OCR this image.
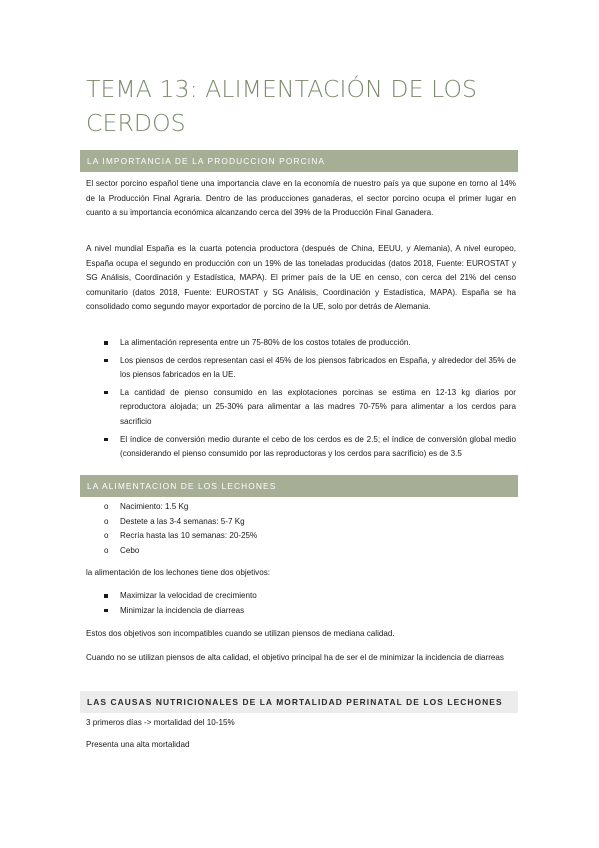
TEMA 13: ALIMENTACIÓN DE LOS CERDOS
LA IMPORTANCIA DE LA PRODUCCION PORCINA

El sector porcino español tiene una importancia clave en la economía de nuestro país ya que supone en torno al 14% de la Producción Final Agraria. Dentro de las producciones ganaderas, el sector porcino ocupa el primer lugar en cuanto a su importancia económica alcanzando cerca del 39% de la Producción Final Ganadera.

A nivel mundial España es la cuarta potencia productora (después de China, EEUU, y Alemania), A nivel europeo, España ocupa el segundo en producción con un 19% de las toneladas producidas (datos 2018, Fuente: EUROSTAT y SG Análisis, Coordinación y Estadística, MAPA). El primer país de la UE en censo, con cerca del 21% del censo comunitario (datos 2018, Fuente: EUROSTAT y SG Análisis, Coordinación y Estadística, MAPA). España se ha consolidado como segundo mayor exportador de porcino de la UE, solo por detrás de Alemania.

La alimentación representa entre un 75-80% de los costos totales de producción.
Los piensos de cerdos representan casi el 45% de los piensos fabricados en España, y alrededor del 35% de los piensos fabricados en la UE.
La cantidad de pienso consumido en las explotaciones porcinas se estima en 12-13 kg diarios por reproductora alojada; un 25-30% para alimentar a las madres 70-75% para alimentar a los cerdos para sacrificio
El índice de conversión medio durante el cebo de los cerdos es de 2.5; el índice de conversión global medio (considerando el pienso consumido por las reproductoras y los cerdos para sacrificio) es de 3.5
LA ALIMENTACION DE LOS LECHONES
o Nacimiento: 1.5 Kg
o Destete a las 3-4 semanas: 5-7 Kg
o Recría hasta las 10 semanas: 20-25%
o Cebo

la alimentación de los lechones tiene dos objetivos:

Maximizar la velocidad de crecimiento
Minimizar la incidencia de diarreas

Estos dos objetivos son incompatibles cuando se utilizan piensos de mediana calidad.

Cuando no se utilizan piensos de alta calidad, el objetivo principal ha de ser el de minimizar la incidencia de diarreas

LAS CAUSAS NUTRICIONALES DE LA MORTALIDAD PERINATAL DE LOS LECHONES

3 primeros días -> mortalidad del 10-15%

Presenta una alta mortalidad
